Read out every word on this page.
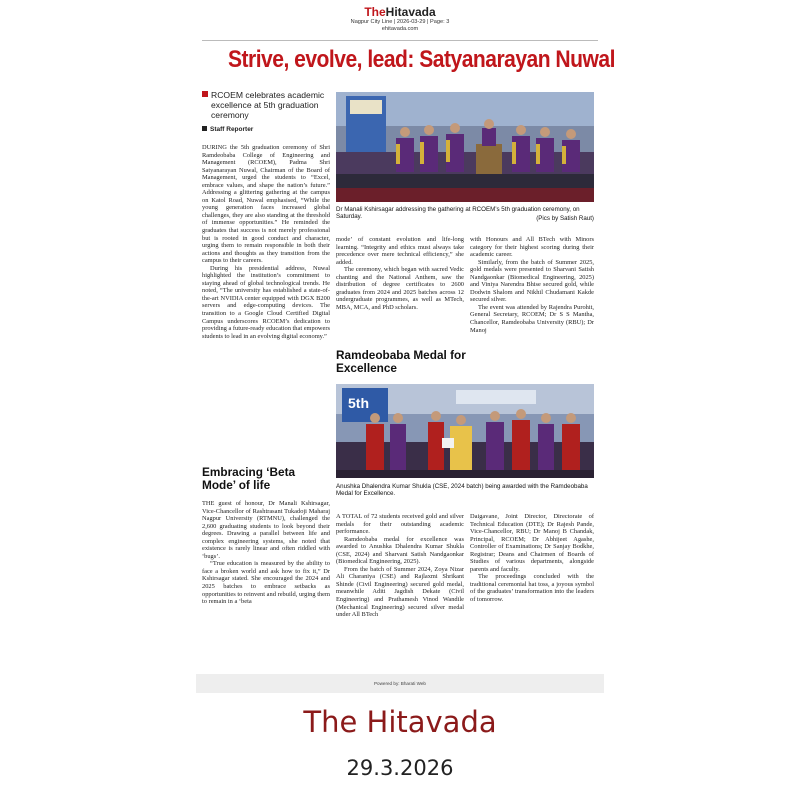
TheHitavada
Nagpur City Line | 2026-03-29 | Page: 3
ehitavada.com
Strive, evolve, lead: Satyanarayan Nuwal
RCOEM celebrates academic excellence at 5th graduation ceremony
Staff Reporter
Dr Manali Kshirsagar addressing the gathering at RCOEM’s 5th graduation ceremony, on Saturday.	(Pics by Satish Raut)

DURING the 5th graduation ceremony of Shri Ramdeobaba College of Engineering and Management (RCOEM), Padma Shri Satyanarayan Nuwal, Chairman of the Board of Management, urged the students to “Excel, embrace values, and shape the nation’s future.” Addressing a glittering gathering at the campus on Katol Road, Nuwal emphasised, “While the young generation faces increased global challenges, they are also standing at the threshold of immense opportunities.” He reminded the graduates that success is not merely professional but is rooted in good conduct and character, urging them to remain responsible in both their actions and thoughts as they transition from the campus to their careers.

During his presidential address, Nuwal highlighted the institution’s commitment to staying ahead of global technological trends. He noted, “The university has established a state-of-the-art NVIDIA center equipped with DGX B200 servers and edge-computing devices. The transition to a Google Cloud Certified Digital Campus underscores RCOEM’s dedication to providing a future-ready education that empowers students to lead in an evolving digital economy.”

Embracing ‘Beta Mode’ of life

THE guest of honour, Dr Manali Kshirsagar, Vice-Chancellor of Rashtrasant Tukadoji Maharaj Nagpur University (RTMNU), challenged the 2,600 graduating students to look beyond their degrees. Drawing a parallel between life and complex engineering systems, she noted that existence is rarely linear and often riddled with ‘bugs’.

“True education is measured by the ability to face a broken world and ask how to fix it,” Dr Kshirsagar stated. She encouraged the 2024 and 2025 batches to embrace setbacks as opportunities to reinvent and rebuild, urging them to remain in a ‘beta

mode’ of constant evolution and life-long learning. “Integrity and ethics must always take precedence over mere technical efficiency,” she added.

The ceremony, which began with sacred Vedic chanting and the National Anthem, saw the distribution of degree certificates to 2600 graduates from 2024 and 2025 batches across 12 undergraduate programmes, as well as MTech, MBA, MCA, and PhD scholars.

with Honours and All BTech with Minors category for their highest scoring during their academic career.

Similarly, from the batch of Summer 2025, gold medals were presented to Sharvani Satish Nandgaonkar (Biomedical Engineering, 2025) and Viniya Narendra Bhise secured gold, while Dodwin Shalom and Nikhil Chudamani Kakde secured silver.

The event was attended by Rajendra Purohit, General Secretary, RCOEM; Dr S S Mantha, Chancellor, Ramdeobaba University (RBU); Dr Manoj

Ramdeobaba Medal for Excellence
5th
Anushka Dhalendra Kumar Shukla (CSE, 2024 batch) being awarded with the Ramdeobaba Medal for Excellence.

A TOTAL of 72 students received gold and silver medals for their outstanding academic performance.

Ramdeobaba medal for excellence was awarded to Anushka Dhalendra Kumar Shukla (CSE, 2024) and Sharvani Satish Nandgaonkar (Biomedical Engineering, 2025).

From the batch of Summer 2024, Zoya Nizar Ali Charaniya (CSE) and Rajlaxmi Shrikant Shinde (Civil Engineering) secured gold medal, meanwhile Aditi Jagdish Dekate (Civil Engineering) and Prathamesh Vinod Wandile (Mechanical Engineering) secured silver medal under All BTech

Daigavane, Joint Director, Directorate of Technical Education (DTE); Dr Rajesh Pande, Vice-Chancellor, RBU; Dr Manoj B Chandak, Principal, RCOEM; Dr Abhijeet Agashe, Controller of Examinations; Dr Sanjay Bodkhe, Registrar; Deans and Chairmen of Boards of Studies of various departments, alongside parents and faculty.

The proceedings concluded with the traditional ceremonial hat toss, a joyous symbol of the graduates’ transformation into the leaders of tomorrow.

Powered by: Bharati Web
The Hitavada
29.3.2026
